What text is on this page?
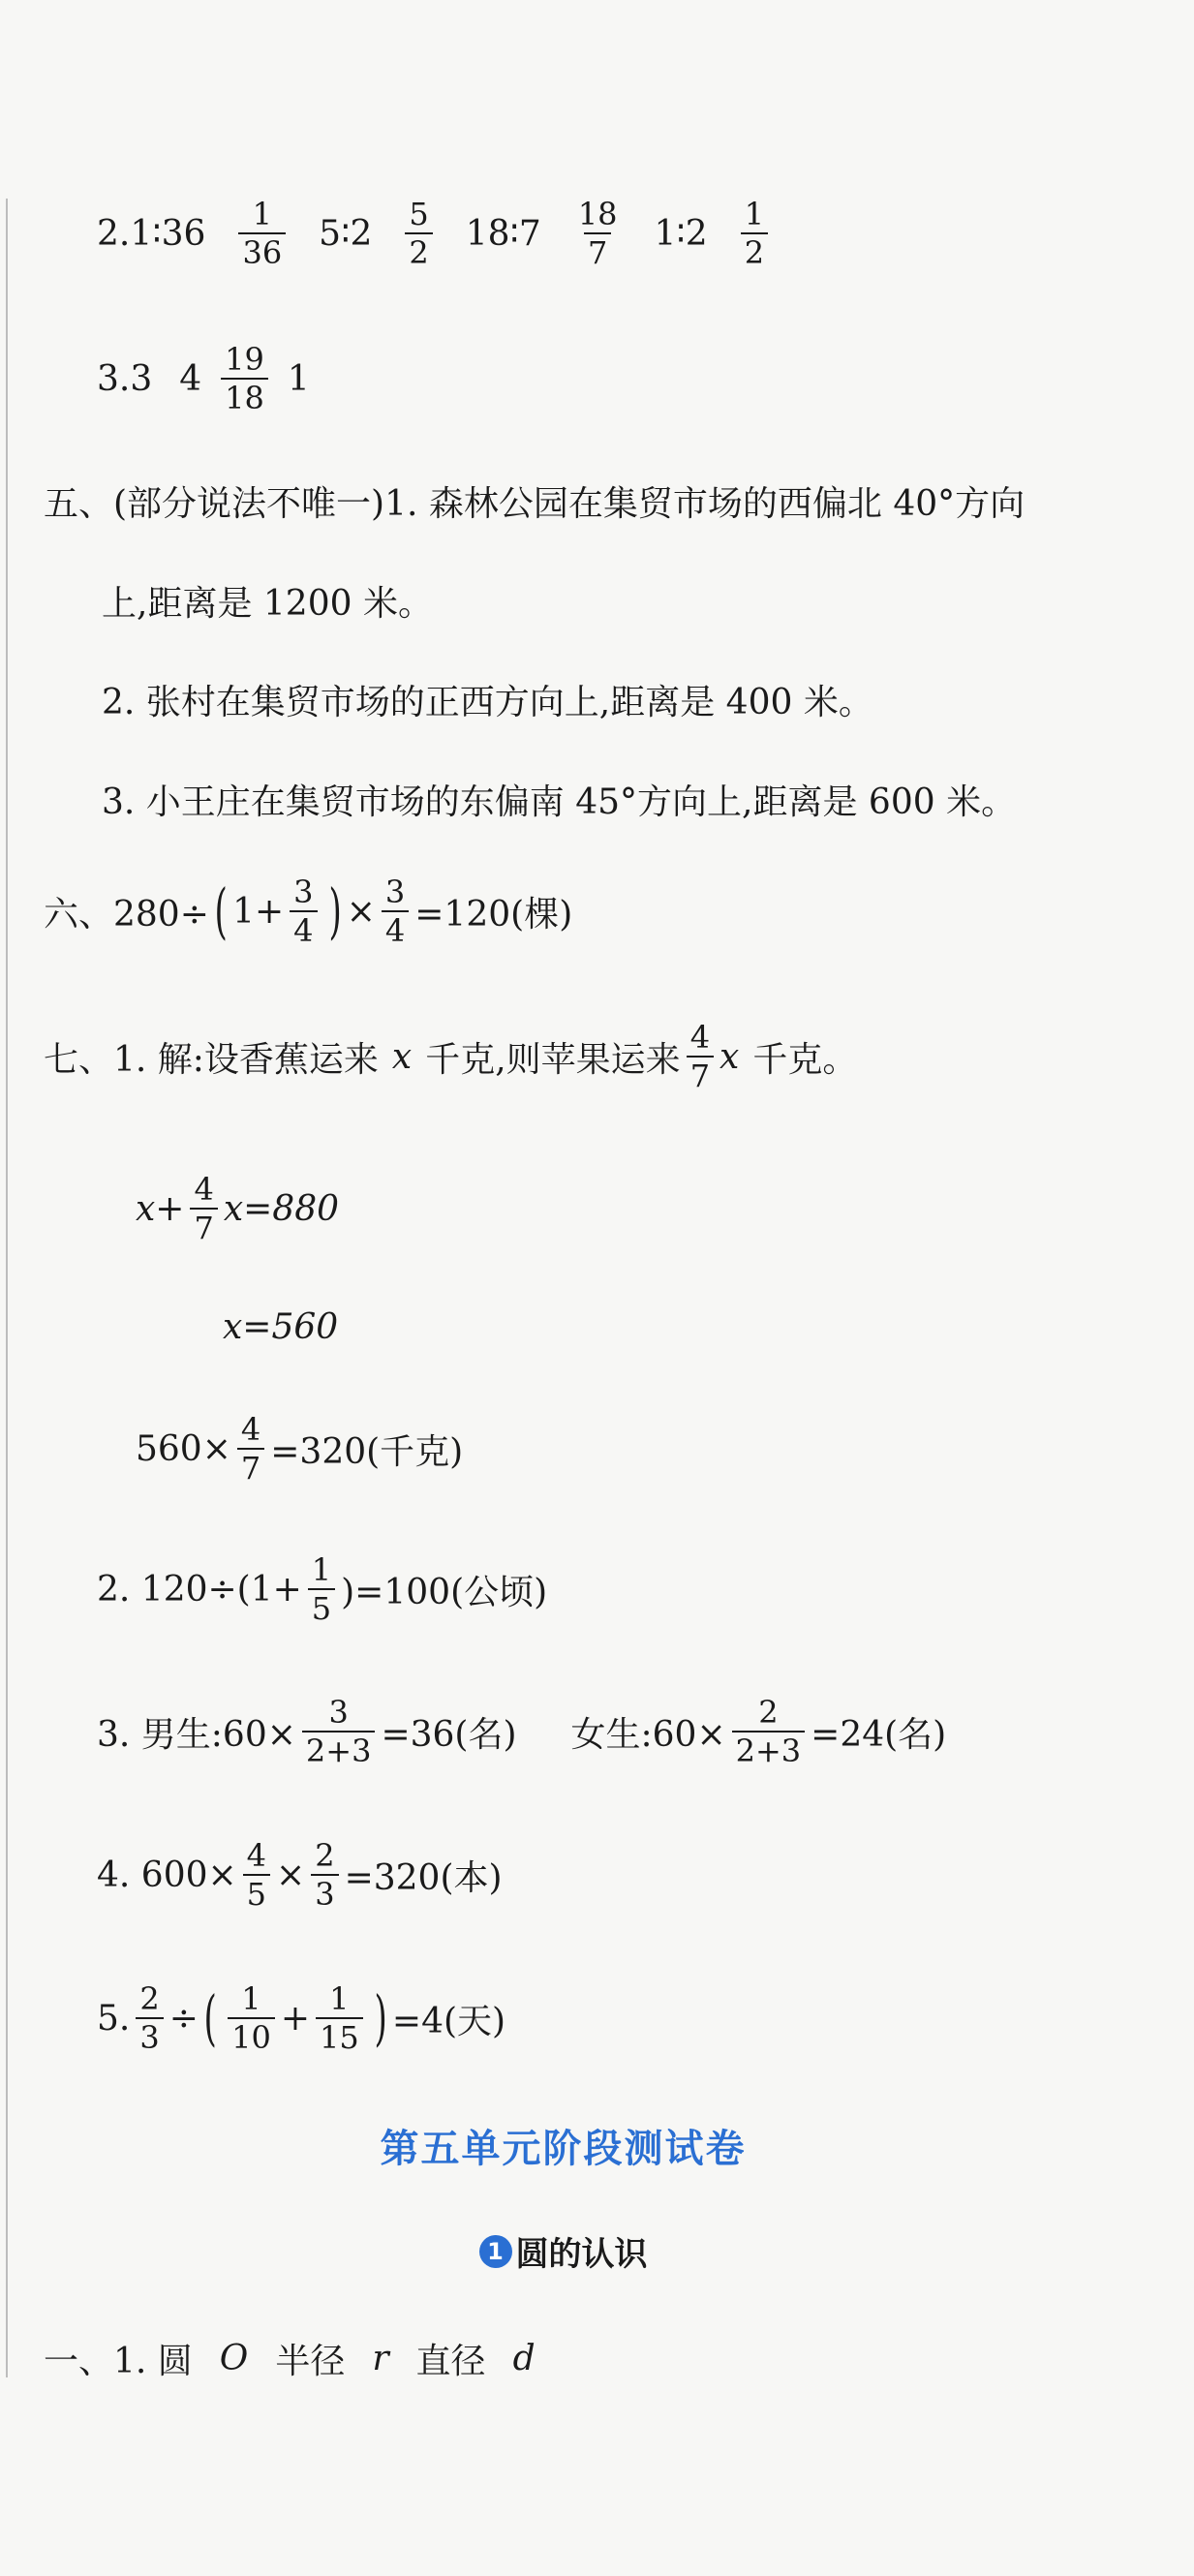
2. 1∶36 $\frac{1}{36}$ 5∶2 $\frac{5}{2}$ 18∶7 $\frac{18}{7}$ 1∶2 $\frac{1}{2}$
3. 3 $4 \frac{19}{18} 1$
五、(部分说法不唯一)1. 森林公园在集贸市场的西偏北 40°方向
上,距离是 1200 米。
2. 张村在集贸市场的正西方向上,距离是 400 米。
3. 小王庄在集贸市场的东偏南 45°方向上,距离是 600 米。
六、280÷ ( $1+ \frac{3}{4}$ ) × $\frac{3}{4} =120$(棵)
七、1. 解:设香蕉运来 x 千克,则苹果运来 $\frac{4}{7}$ x 千克。
$x+ \frac{4}{7} x=880$
x=560
$560\times \frac{4}{7} =320$(千克)
2. $120\div(1+ \frac{1}{5} )=100$(公顷)
3. 男生:60× $\frac{3}{2+3} =36$(名) 女生:60× $\frac{2}{2+3} =24$(名)
4. $600\times \frac{4}{5} \times \frac{2}{3} =320$(本)
5. $\frac{2}{3}$ ÷ ( $\frac{1}{10} + \frac{1}{15}$ ) =4(天)
第五单元阶段测试卷
1 圆的认识
一、1. 圆 O 半径 r 直径 d
